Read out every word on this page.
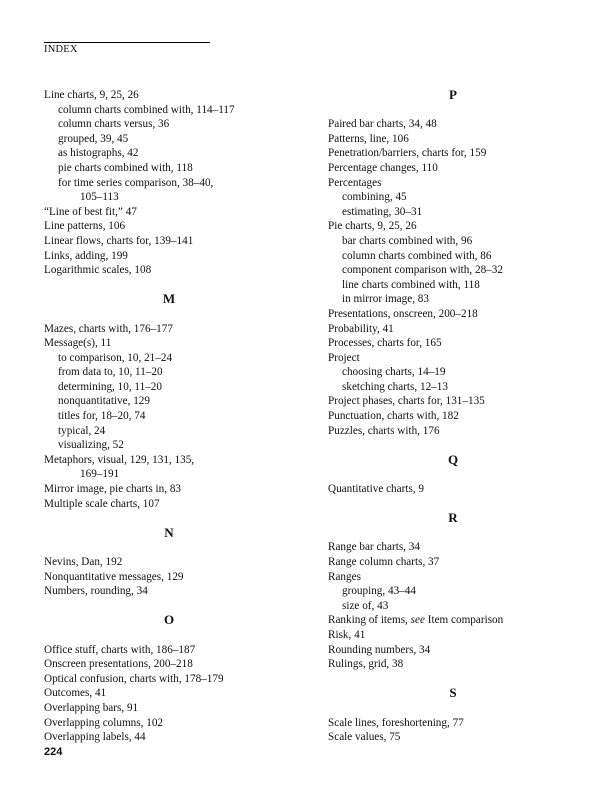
INDEX
Line charts, 9, 25, 26
column charts combined with, 114–117
column charts versus, 36
grouped, 39, 45
as histographs, 42
pie charts combined with, 118
for time series comparison, 38–40,
105–113
“Line of best fit,” 47
Line patterns, 106
Linear flows, charts for, 139–141
Links, adding, 199
Logarithmic scales, 108
M
Mazes, charts with, 176–177
Message(s), 11
to comparison, 10, 21–24
from data to, 10, 11–20
determining, 10, 11–20
nonquantitative, 129
titles for, 18–20, 74
typical, 24
visualizing, 52
Metaphors, visual, 129, 131, 135,
169–191
Mirror image, pie charts in, 83
Multiple scale charts, 107
N
Nevins, Dan, 192
Nonquantitative messages, 129
Numbers, rounding, 34
O
Office stuff, charts with, 186–187
Onscreen presentations, 200–218
Optical confusion, charts with, 178–179
Outcomes, 41
Overlapping bars, 91
Overlapping columns, 102
Overlapping labels, 44
P
Paired bar charts, 34, 48
Patterns, line, 106
Penetration/barriers, charts for, 159
Percentage changes, 110
Percentages
combining, 45
estimating, 30–31
Pie charts, 9, 25, 26
bar charts combined with, 96
column charts combined with, 86
component comparison with, 28–32
line charts combined with, 118
in mirror image, 83
Presentations, onscreen, 200–218
Probability, 41
Processes, charts for, 165
Project
choosing charts, 14–19
sketching charts, 12–13
Project phases, charts for, 131–135
Punctuation, charts with, 182
Puzzles, charts with, 176
Q
Quantitative charts, 9
R
Range bar charts, 34
Range column charts, 37
Ranges
grouping, 43–44
size of, 43
Ranking of items, see Item comparison
Risk, 41
Rounding numbers, 34
Rulings, grid, 38
S
Scale lines, foreshortening, 77
Scale values, 75
224
